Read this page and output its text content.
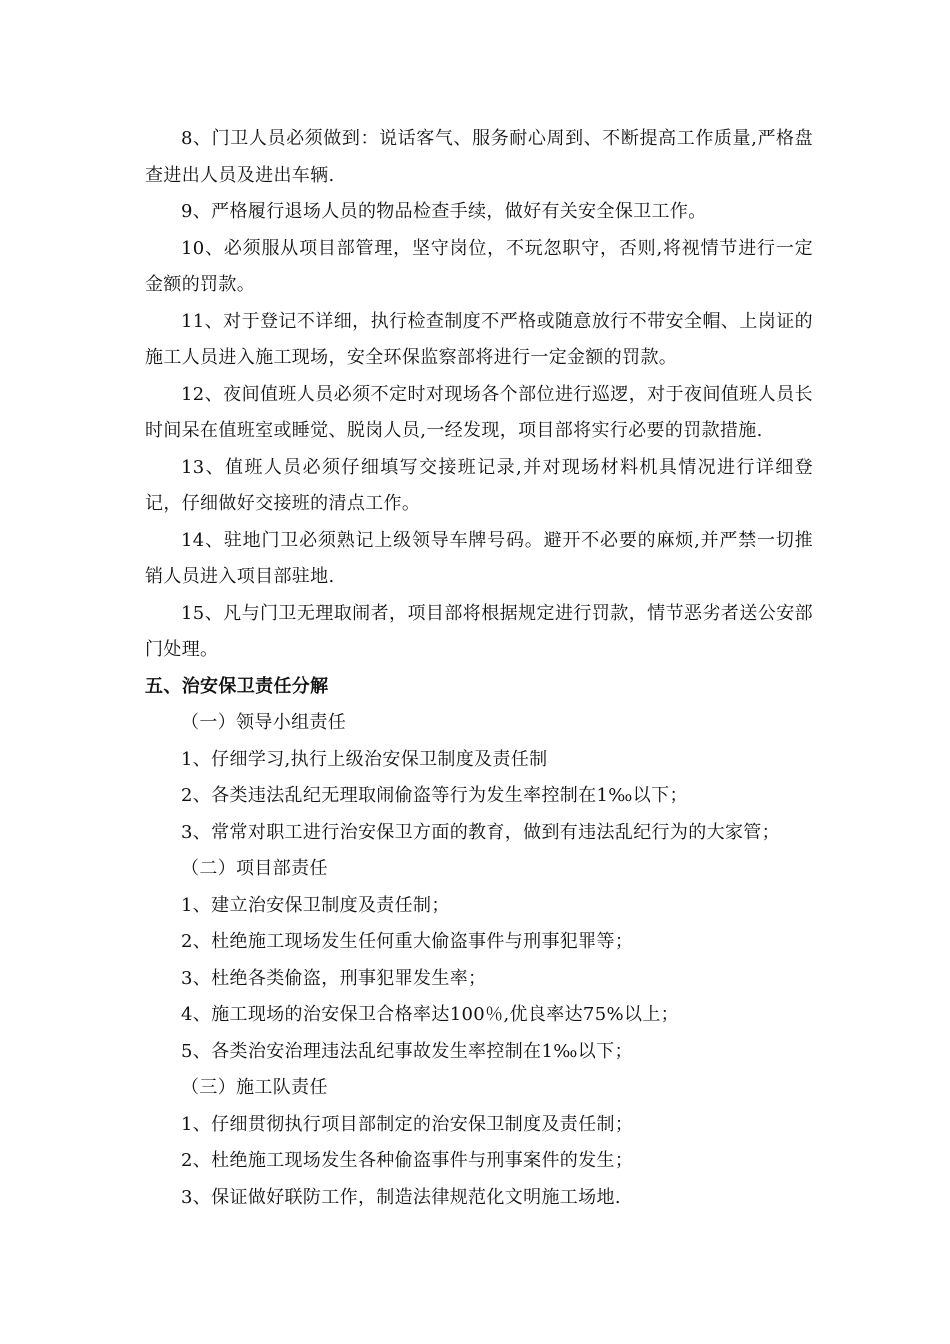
8、门卫人员必须做到：说话客气、服务耐心周到、不断提高工作质量,严格盘查进出人员及进出车辆.

9、严格履行退场人员的物品检查手续，做好有关安全保卫工作。

10、必须服从项目部管理，坚守岗位，不玩忽职守，否则,将视情节进行一定金额的罚款。

11、对于登记不详细，执行检查制度不严格或随意放行不带安全帽、上岗证的施工人员进入施工现场，安全环保监察部将进行一定金额的罚款。

12、夜间值班人员必须不定时对现场各个部位进行巡逻，对于夜间值班人员长时间呆在值班室或睡觉、脱岗人员,一经发现，项目部将实行必要的罚款措施.

13、值班人员必须仔细填写交接班记录,并对现场材料机具情况进行详细登记，仔细做好交接班的清点工作。

14、驻地门卫必须熟记上级领导车牌号码。避开不必要的麻烦,并严禁一切推销人员进入项目部驻地.

15、凡与门卫无理取闹者，项目部将根据规定进行罚款，情节恶劣者送公安部门处理。

五、治安保卫责任分解

（一）领导小组责任

1、仔细学习,执行上级治安保卫制度及责任制

2、各类违法乱纪无理取闹偷盗等行为发生率控制在1‰以下；

3、常常对职工进行治安保卫方面的教育，做到有违法乱纪行为的大家管；

（二）项目部责任

1、建立治安保卫制度及责任制；

2、杜绝施工现场发生任何重大偷盗事件与刑事犯罪等；

3、杜绝各类偷盗，刑事犯罪发生率；

4、施工现场的治安保卫合格率达100％,优良率达75%以上；

5、各类治安治理违法乱纪事故发生率控制在1‰以下；

（三）施工队责任

1、仔细贯彻执行项目部制定的治安保卫制度及责任制；

2、杜绝施工现场发生各种偷盗事件与刑事案件的发生；

3、保证做好联防工作，制造法律规范化文明施工场地.
